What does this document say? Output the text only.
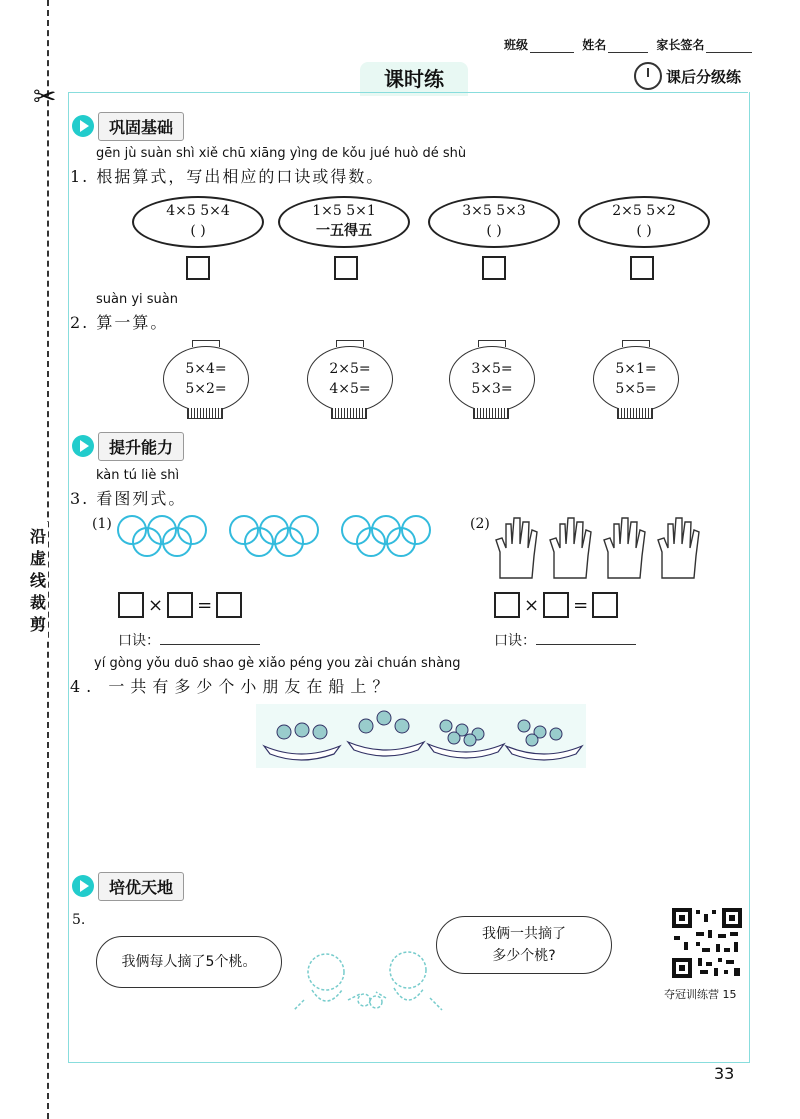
✂
沿虚线裁剪
班级	姓名	家长签名
课时练	课后分级练
巩固基础
gēn jù suàn shì xiě chū xiāng yìng de kǒu jué huò dé shù
1. 根据算式，写出相应的口诀或得数。
4×5 5×4
( )
1×5 5×1
一五得五
3×5 5×3
( )
2×5 5×2
( )
suàn yi suàn
2. 算一算。
5×4=
5×2=
2×5=
4×5=
3×5=
5×3=
5×1=
5×5=
提升能力
kàn tú liè shì
3. 看图列式。
(1)	(2)
× =	× =
口诀：	口诀：
yí gòng yǒu duō shao gè xiǎo péng you zài chuán shàng
4. 一共有多少个小朋友在船上？
培优天地
5.
我俩每人摘了5个桃。
我俩一共摘了
多少个桃?
夺冠训练营 15
33
